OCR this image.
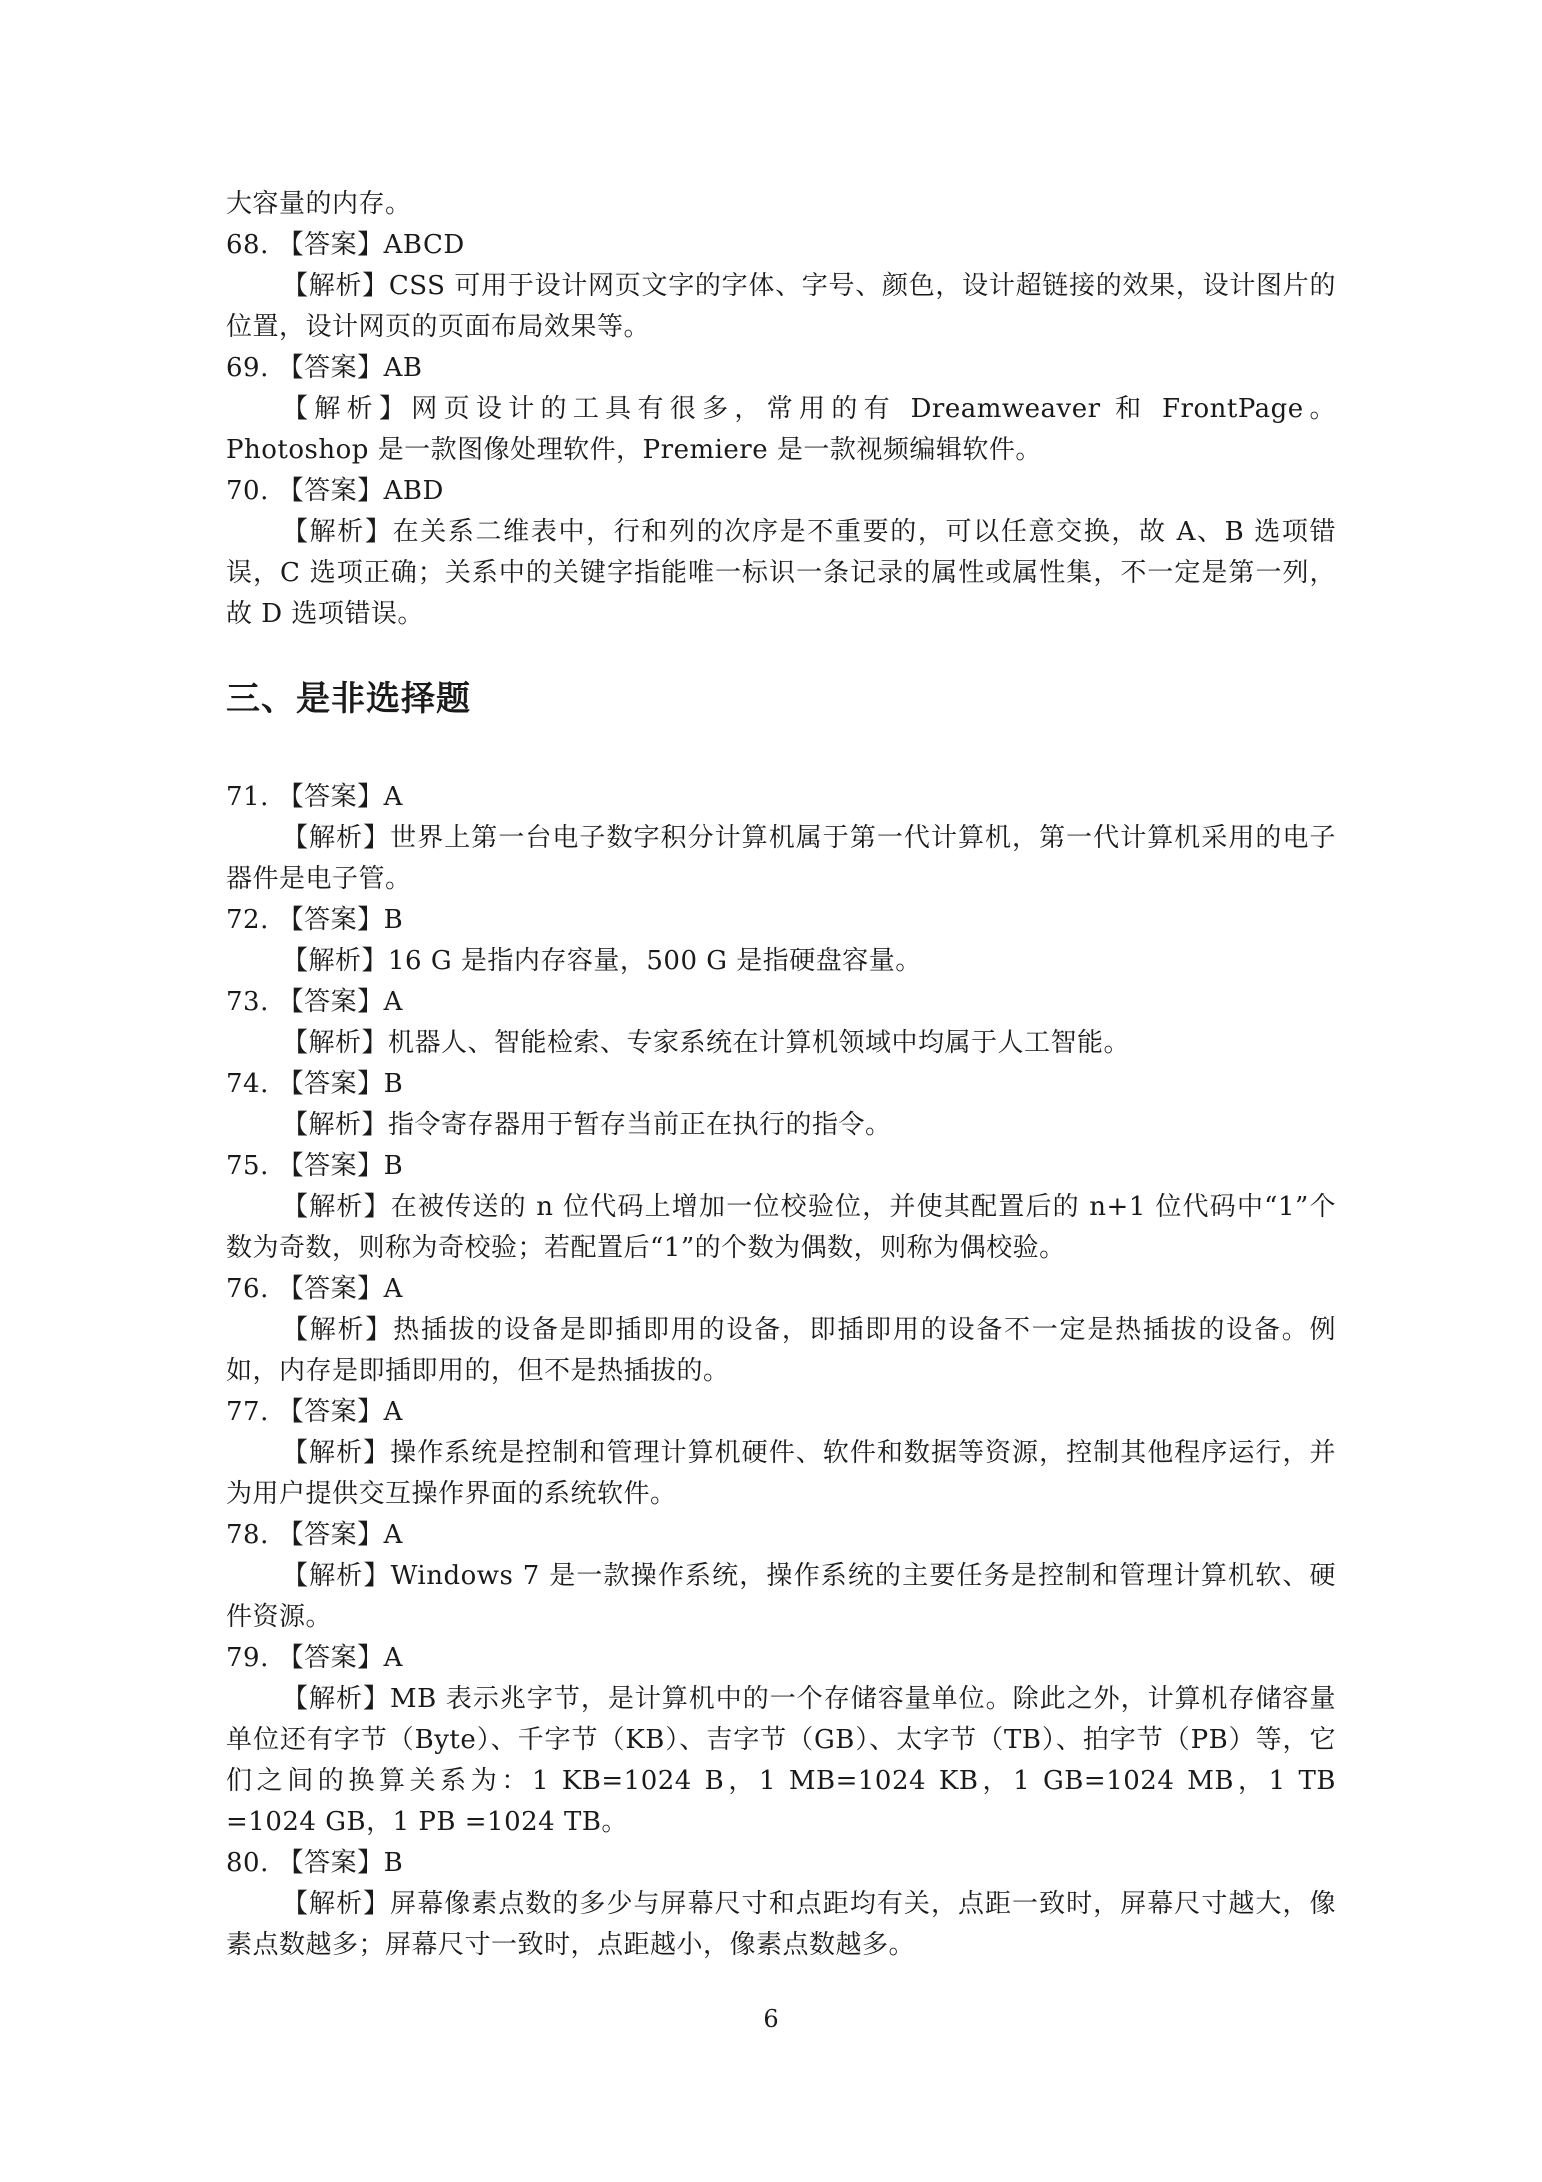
大容量的内存。
68. 【答案】ABCD
【解析】CSS 可用于设计网页文字的字体、字号、颜色，设计超链接的效果，设计图片的位置，设计网页的页面布局效果等。
69. 【答案】AB
【解析】网页设计的工具有很多，常用的有 Dreamweaver 和 FrontPage。Photoshop 是一款图像处理软件，Premiere 是一款视频编辑软件。
70. 【答案】ABD
【解析】在关系二维表中，行和列的次序是不重要的，可以任意交换，故 A、B 选项错误，C 选项正确；关系中的关键字指能唯一标识一条记录的属性或属性集，不一定是第一列，故 D 选项错误。
三、是非选择题
71. 【答案】A
【解析】世界上第一台电子数字积分计算机属于第一代计算机，第一代计算机采用的电子器件是电子管。
72. 【答案】B
【解析】16 G 是指内存容量，500 G 是指硬盘容量。
73. 【答案】A
【解析】机器人、智能检索、专家系统在计算机领域中均属于人工智能。
74. 【答案】B
【解析】指令寄存器用于暂存当前正在执行的指令。
75. 【答案】B
【解析】在被传送的 n 位代码上增加一位校验位，并使其配置后的 n+1 位代码中“1”个数为奇数，则称为奇校验；若配置后“1”的个数为偶数，则称为偶校验。
76. 【答案】A
【解析】热插拔的设备是即插即用的设备，即插即用的设备不一定是热插拔的设备。例如，内存是即插即用的，但不是热插拔的。
77. 【答案】A
【解析】操作系统是控制和管理计算机硬件、软件和数据等资源，控制其他程序运行，并为用户提供交互操作界面的系统软件。
78. 【答案】A
【解析】Windows 7 是一款操作系统，操作系统的主要任务是控制和管理计算机软、硬件资源。
79. 【答案】A
【解析】MB 表示兆字节，是计算机中的一个存储容量单位。除此之外，计算机存储容量单位还有字节（Byte）、千字节（KB）、吉字节（GB）、太字节（TB）、拍字节（PB）等，它们之间的换算关系为：1 KB=1024 B，1 MB=1024 KB，1 GB=1024 MB，1 TB =1024 GB，1 PB =1024 TB。
80. 【答案】B
【解析】屏幕像素点数的多少与屏幕尺寸和点距均有关，点距一致时，屏幕尺寸越大，像素点数越多；屏幕尺寸一致时，点距越小，像素点数越多。
6
